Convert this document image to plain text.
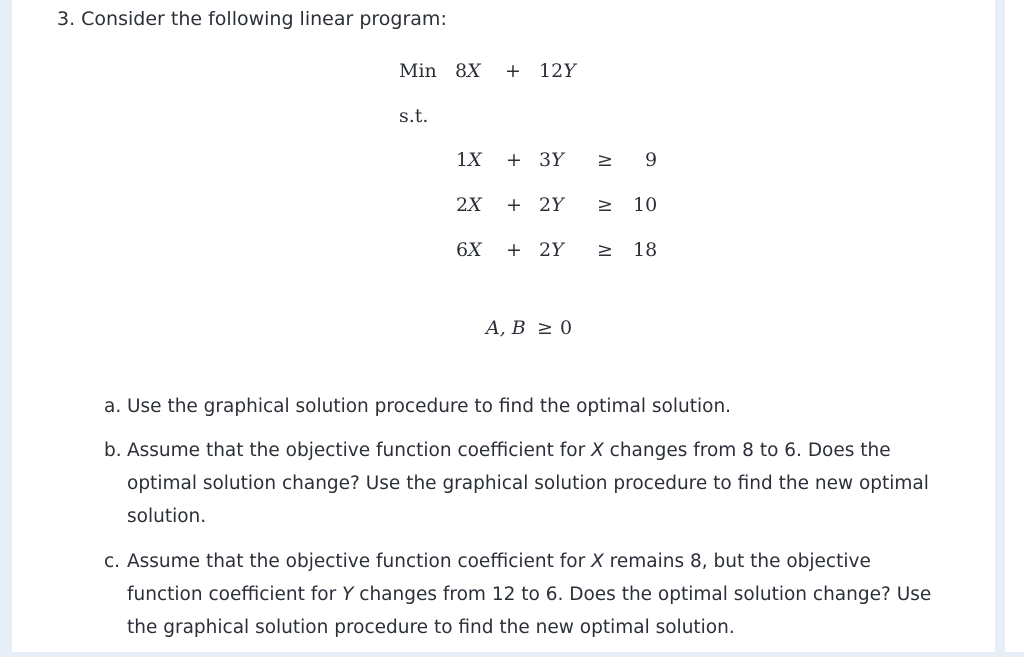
3. Consider the following linear program:
Min 8X + 12Y
s.t.
1X + 3Y ≥ 9
2X + 2Y ≥ 10
6X + 2Y ≥ 18
A, B ≥ 0
a. Use the graphical solution procedure to find the optimal solution.
b. Assume that the objective function coefficient for X changes from 8 to 6. Does the
optimal solution change? Use the graphical solution procedure to find the new optimal
solution.
c. Assume that the objective function coefficient for X remains 8, but the objective
function coefficient for Y changes from 12 to 6. Does the optimal solution change? Use
the graphical solution procedure to find the new optimal solution.
